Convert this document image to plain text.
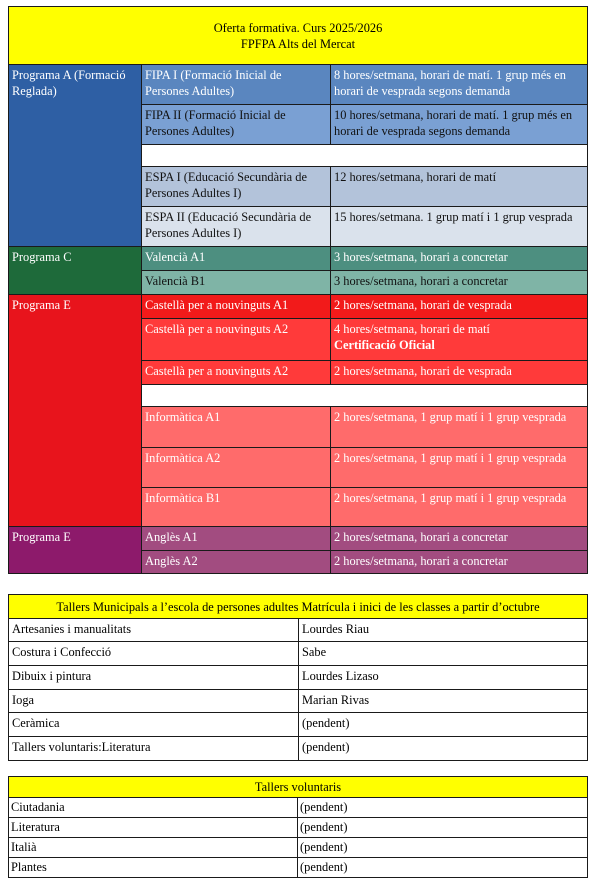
Oferta formativa. Curs 2025/2026
FPFPA Alts del Mercat		

Programa A (Formació Reglada)	FIPA I (Formació Inicial de Persones Adultes)	8 hores/setmana, horari de matí. 1 grup més en horari de vesprada segons demanda
	FIPA II (Formació Inicial de Persones Adultes)	10 hores/setmana, horari de matí. 1 grup més en horari de vesprada segons demanda

	ESPA I (Educació Secundària de Persones Adultes I)	12 hores/setmana, horari de matí
	ESPA II (Educació Secundària de Persones Adultes I)	15 hores/setmana. 1 grup matí i 1 grup vesprada
Programa C	Valencià A1	3 hores/setmana, horari a concretar
	Valencià B1	3 hores/setmana, horari a concretar
Programa E	Castellà per a nouvinguts A1	2 hores/setmana, horari de vesprada
	Castellà per a nouvinguts A2	4 hores/setmana, horari de matí
Certificació Oficial

	Castellà per a nouvinguts A2	2 hores/setmana, horari de vesprada

	Informàtica A1	2 hores/setmana, 1 grup matí i 1 grup vesprada
	Informàtica A2	2 hores/setmana, 1 grup matí i 1 grup vesprada
	Informàtica B1	2 hores/setmana, 1 grup matí i 1 grup vesprada
Programa E	Anglès A1	2 hores/setmana, horari a concretar
	Anglès A2	2 hores/setmana, horari a concretar
Tallers Municipals a l’escola de persones adultes Matrícula i inici de les classes a partir d’octubre	
Artesanies i manualitats	Lourdes Riau
Costura i Confecció	Sabe
Dibuix i pintura	Lourdes Lizaso
Ioga	Marian Rivas
Ceràmica	(pendent)
Tallers voluntaris:Literatura	(pendent)
Tallers voluntaris	
Ciutadania	(pendent)
Literatura	(pendent)
Italià	(pendent)
Plantes	(pendent)
